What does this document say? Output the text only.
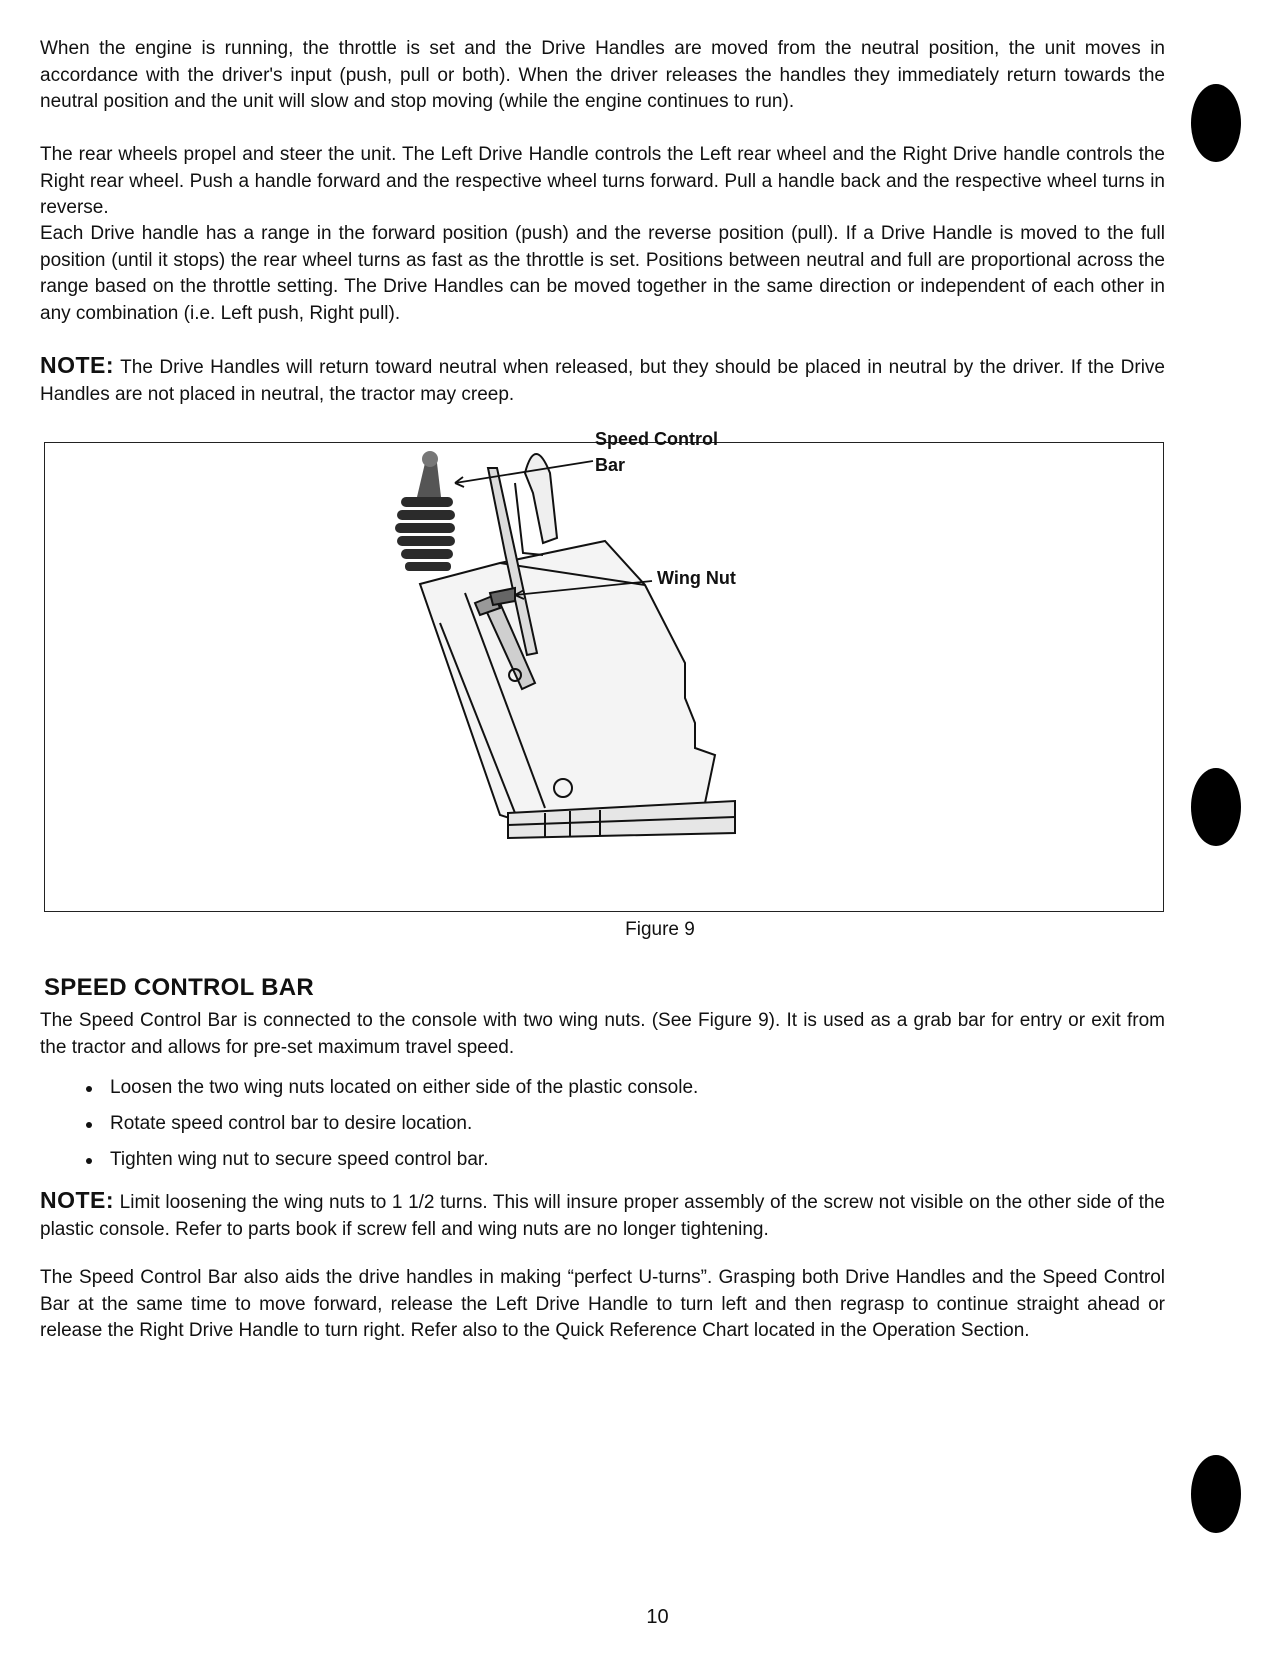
When the engine is running, the throttle is set and the Drive Handles are moved from the neutral position, the unit moves in accordance with the driver's input (push, pull or both). When the driver releases the handles they immediately return towards the neutral position and the unit will slow and stop moving (while the engine continues to run).

The rear wheels propel and steer the unit. The Left Drive Handle controls the Left rear wheel and the Right Drive handle controls the Right rear wheel. Push a handle forward and the respective wheel turns forward. Pull a handle back and the respective wheel turns in reverse.

Each Drive handle has a range in the forward position (push) and the reverse position (pull). If a Drive Handle is moved to the full position (until it stops) the rear wheel turns as fast as the throttle is set. Positions between neutral and full are proportional across the range based on the throttle setting. The Drive Handles can be moved together in the same direction or independent of each other in any combination (i.e. Left push, Right pull).

NOTE: The Drive Handles will return toward neutral when released, but they should be placed in neutral by the driver. If the Drive Handles are not placed in neutral, the tractor may creep.

Speed Control
Bar
Wing Nut
Figure 9
SPEED CONTROL BAR

The Speed Control Bar is connected to the console with two wing nuts. (See Figure 9). It is used as a grab bar for entry or exit from the tractor and allows for pre-set maximum travel speed.

Loosen the two wing nuts located on either side of the plastic console.
Rotate speed control bar to desire location.
Tighten wing nut to secure speed control bar.

NOTE: Limit loosening the wing nuts to 1 1/2 turns. This will insure proper assembly of the screw not visible on the other side of the plastic console. Refer to parts book if screw fell and wing nuts are no longer tightening.

The Speed Control Bar also aids the drive handles in making “perfect U-turns”. Grasping both Drive Handles and the Speed Control Bar at the same time to move forward, release the Left Drive Handle to turn left and then regrasp to continue straight ahead or release the Right Drive Handle to turn right. Refer also to the Quick Reference Chart located in the Operation Section.

10
